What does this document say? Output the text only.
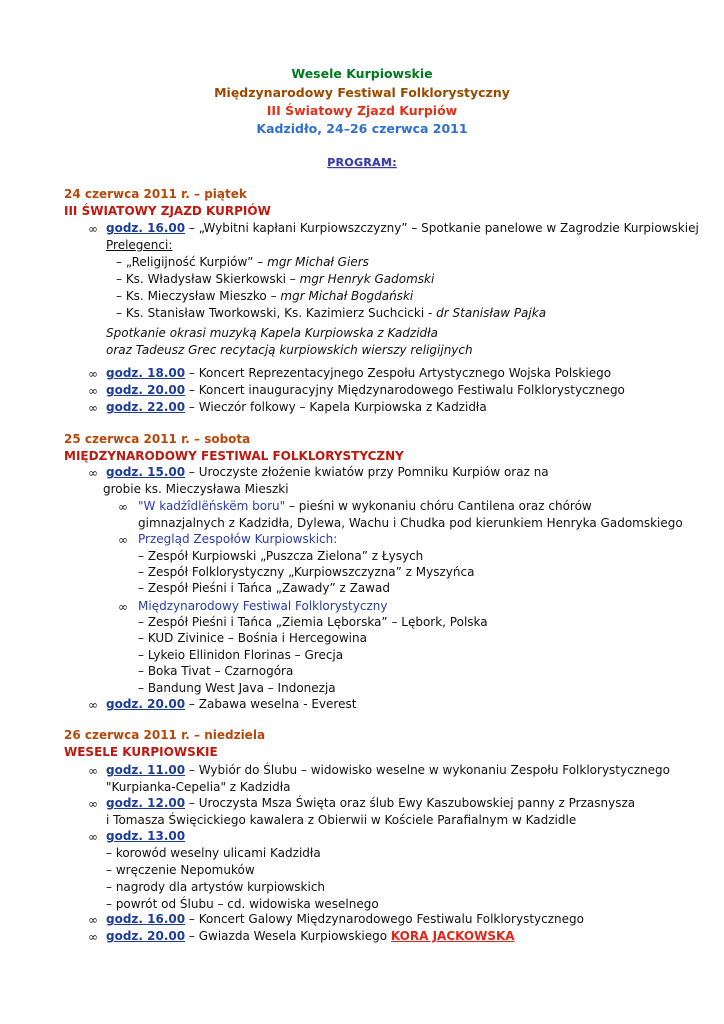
Wesele Kurpiowskie
Międzynarodowy Festiwal Folklorystyczny
III Światowy Zjazd Kurpiów
Kadzidło, 24–26 czerwca 2011
PROGRAM:
24 czerwca 2011 r. – piątek
III ŚWIATOWY ZJAZD KURPIÓW
∞ godz. 16.00 – „Wybitni kapłani Kurpiowszczyzny” – Spotkanie panelowe w Zagrodzie Kurpiowskiej
Prelegenci:
– „Religijność Kurpiów” – mgr Michał Giers
– Ks. Władysław Skierkowski – mgr Henryk Gadomski
– Ks. Mieczysław Mieszko – mgr Michał Bogdański
– Ks. Stanisław Tworkowski, Ks. Kazimierz Suchcicki - dr Stanisław Pajka
Spotkanie okrasi muzyką Kapela Kurpiowska z Kadzidła
oraz Tadeusz Grec recytacją kurpiowskich wierszy religijnych
∞ godz. 18.00 – Koncert Reprezentacyjnego Zespołu Artystycznego Wojska Polskiego
∞ godz. 20.00 – Koncert inauguracyjny Międzynarodowego Festiwalu Folklorystycznego
∞ godz. 22.00 – Wieczór folkowy – Kapela Kurpiowska z Kadzidła
25 czerwca 2011 r. – sobota
MIĘDZYNARODOWY FESTIWAL FOLKLORYSTYCZNY
∞ godz. 15.00 – Uroczyste złożenie kwiatów przy Pomniku Kurpiów oraz na
grobie ks. Mieczysława Mieszki
∞ "W kadżîdlëńskëm boru" – pieśni w wykonaniu chóru Cantilena oraz chórów
gimnazjalnych z Kadzidła, Dylewa, Wachu i Chudka pod kierunkiem Henryka Gadomskiego
∞ Przegląd Zespołów Kurpiowskich:
– Zespół Kurpiowski „Puszcza Zielona” z Łysych
– Zespół Folklorystyczny „Kurpiowszczyzna” z Myszyńca
– Zespół Pieśni i Tańca „Zawady” z Zawad
∞ Międzynarodowy Festiwal Folklorystyczny
– Zespół Pieśni i Tańca „Ziemia Lęborska” – Lębork, Polska
– KUD Zivinice – Bośnia i Hercegowina
– Lykeio Ellinidon Florinas – Grecja
– Boka Tivat – Czarnogóra
– Bandung West Java – Indonezja
∞ godz. 20.00 – Zabawa weselna - Everest
26 czerwca 2011 r. – niedziela
WESELE KURPIOWSKIE
∞ godz. 11.00 – Wybiór do Ślubu – widowisko weselne w wykonaniu Zespołu Folklorystycznego
"Kurpianka-Cepelia" z Kadzidła
∞ godz. 12.00 – Uroczysta Msza Święta oraz ślub Ewy Kaszubowskiej panny z Przasnysza
i Tomasza Święcickiego kawalera z Obierwii w Kościele Parafialnym w Kadzidle
∞ godz. 13.00
– korowód weselny ulicami Kadzidła
– wręczenie Nepomuków
– nagrody dla artystów kurpiowskich
– powrót od Ślubu – cd. widowiska weselnego
∞ godz. 16.00 – Koncert Galowy Międzynarodowego Festiwalu Folklorystycznego
∞ godz. 20.00 – Gwiazda Wesela Kurpiowskiego KORA JACKOWSKA
